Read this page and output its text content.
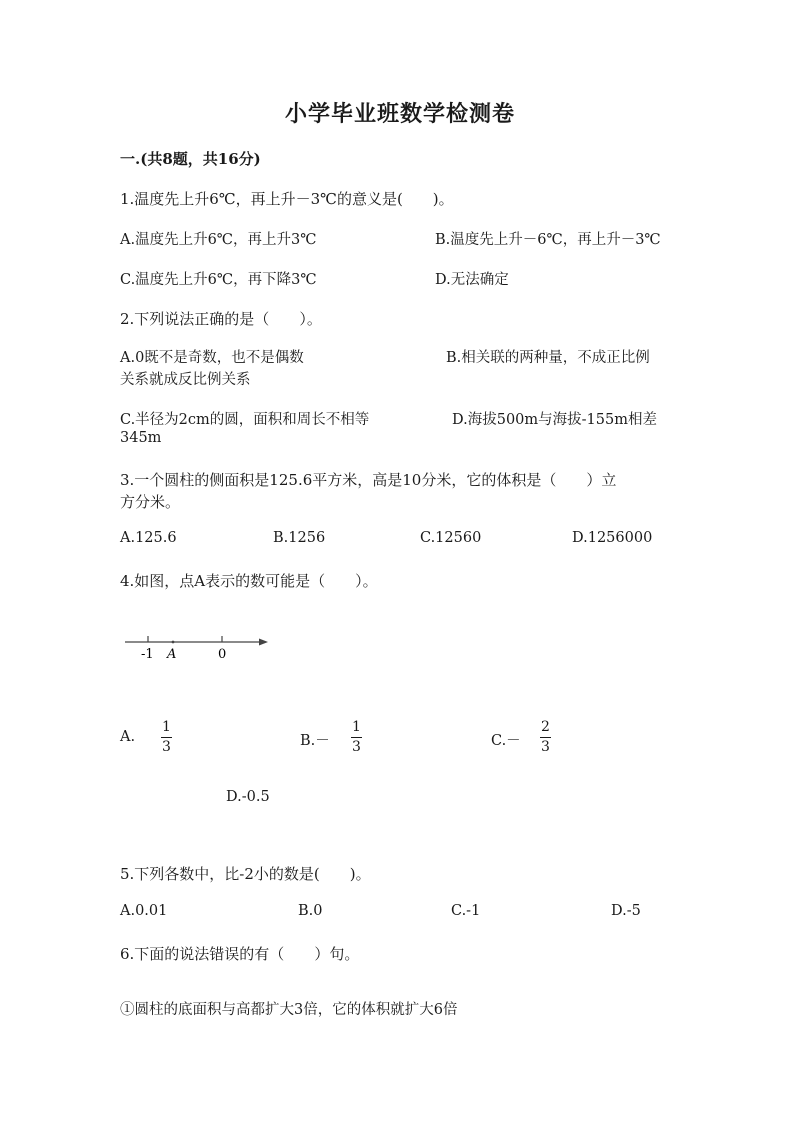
小学毕业班数学检测卷
一.(共8题，共16分)
1.温度先上升6℃，再上升－3℃的意义是(　　)。
A.温度先上升6℃，再上升3℃	B.温度先上升－6℃，再上升－3℃
C.温度先上升6℃，再下降3℃	D.无法确定
2.下列说法正确的是（　　）。
A.0既不是奇数，也不是偶数	B.相关联的两种量，不成正比例
关系就成反比例关系
C.半径为2cm的圆，面积和周长不相等	D.海拔500m与海拔-155m相差
345m
3.一个圆柱的侧面积是125.6平方米，高是10分米，它的体积是（　　）立
方分米。
A.125.6	B.1256	C.12560	D.1256000
4.如图，点A表示的数可能是（　　）。
-1 A	0
A.
1
3	B.－
1
3	C.－
2
3
D.-0.5
5.下列各数中，比-2小的数是(　　)。
A.0.01	B.0	C.-1	D.-5
6.下面的说法错误的有（　　）句。
①圆柱的底面积与高都扩大3倍，它的体积就扩大6倍
